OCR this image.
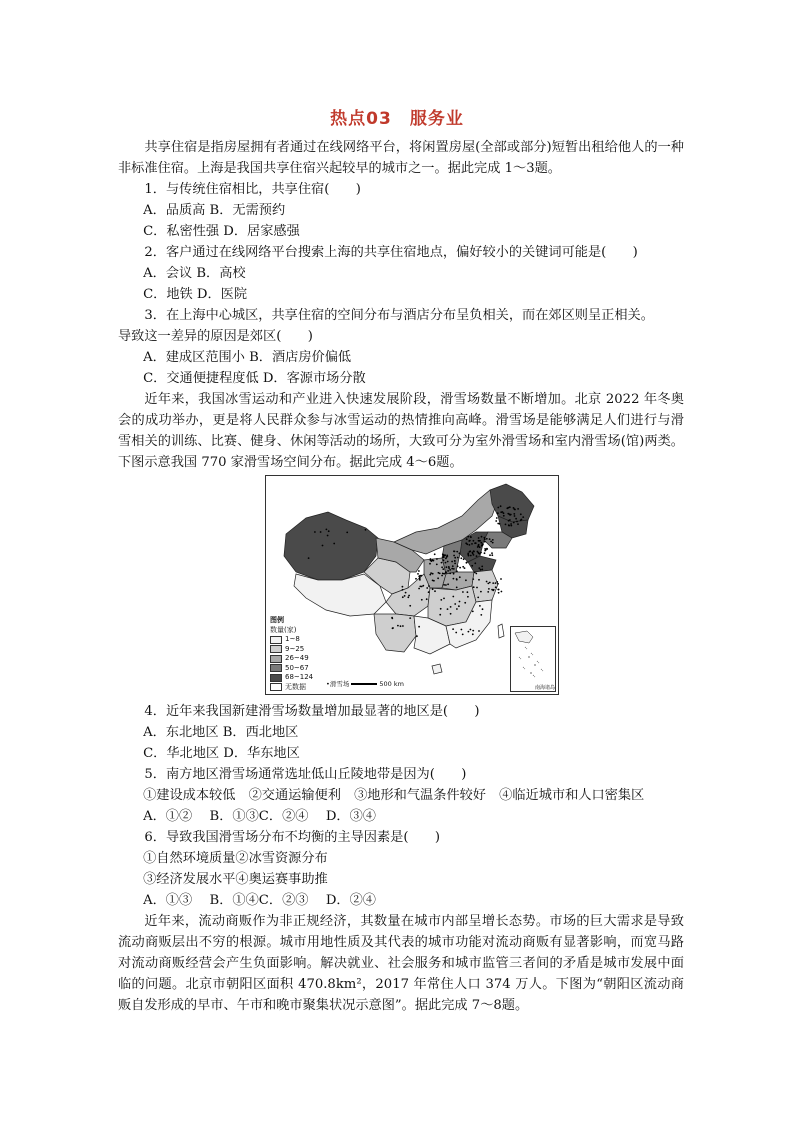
热点03　服务业

共享住宿是指房屋拥有者通过在线网络平台，将闲置房屋(全部或部分)短暂出租给他人的一种非标准住宿。上海是我国共享住宿兴起较早的城市之一。据此完成 1～3题。

1．与传统住宿相比，共享住宿(　　)

A．品质高 B．无需预约

C．私密性强 D．居家感强

2．客户通过在线网络平台搜索上海的共享住宿地点，偏好较小的关键词可能是(　　)

A．会议 B．高校

C．地铁 D．医院

3．在上海中心城区，共享住宿的空间分布与酒店分布呈负相关，而在郊区则呈正相关。

导致这一差异的原因是郊区(　　)

A．建成区范围小 B．酒店房价偏低

C．交通便捷程度低 D．客源市场分散

近年来，我国冰雪运动和产业进入快速发展阶段，滑雪场数量不断增加。北京 2022 年冬奥会的成功举办，更是将人民群众参与冰雪运动的热情推向高峰。滑雪场是能够满足人们进行与滑雪相关的训练、比赛、健身、休闲等活动的场所，大致可分为室外滑雪场和室内滑雪场(馆)两类。下图示意我国 770 家滑雪场空间分布。据此完成 4～6题。

图例
数量(家)
1~8
9~25
26~49
50~67
68~124
无数据	•滑雪场	500 km
南海诸岛

4．近年来我国新建滑雪场数量增加最显著的地区是(　　)

A．东北地区 B．西北地区

C．华北地区 D．华东地区

5．南方地区滑雪场通常选址低山丘陵地带是因为(　　)

①建设成本较低　②交通运输便利　③地形和气温条件较好　④临近城市和人口密集区

A．①②　 B．①③C．②④　 D．③④

6．导致我国滑雪场分布不均衡的主导因素是(　　)

①自然环境质量②冰雪资源分布

③经济发展水平④奥运赛事助推

A．①③　 B．①④C．②③　 D．②④

近年来，流动商贩作为非正规经济，其数量在城市内部呈增长态势。市场的巨大需求是导致流动商贩层出不穷的根源。城市用地性质及其代表的城市功能对流动商贩有显著影响，而宽马路对流动商贩经营会产生负面影响。解决就业、社会服务和城市监管三者间的矛盾是城市发展中面临的问题。北京市朝阳区面积 470.8km²，2017 年常住人口 374 万人。下图为“朝阳区流动商贩自发形成的早市、午市和晚市聚集状况示意图”。据此完成 7～8题。
